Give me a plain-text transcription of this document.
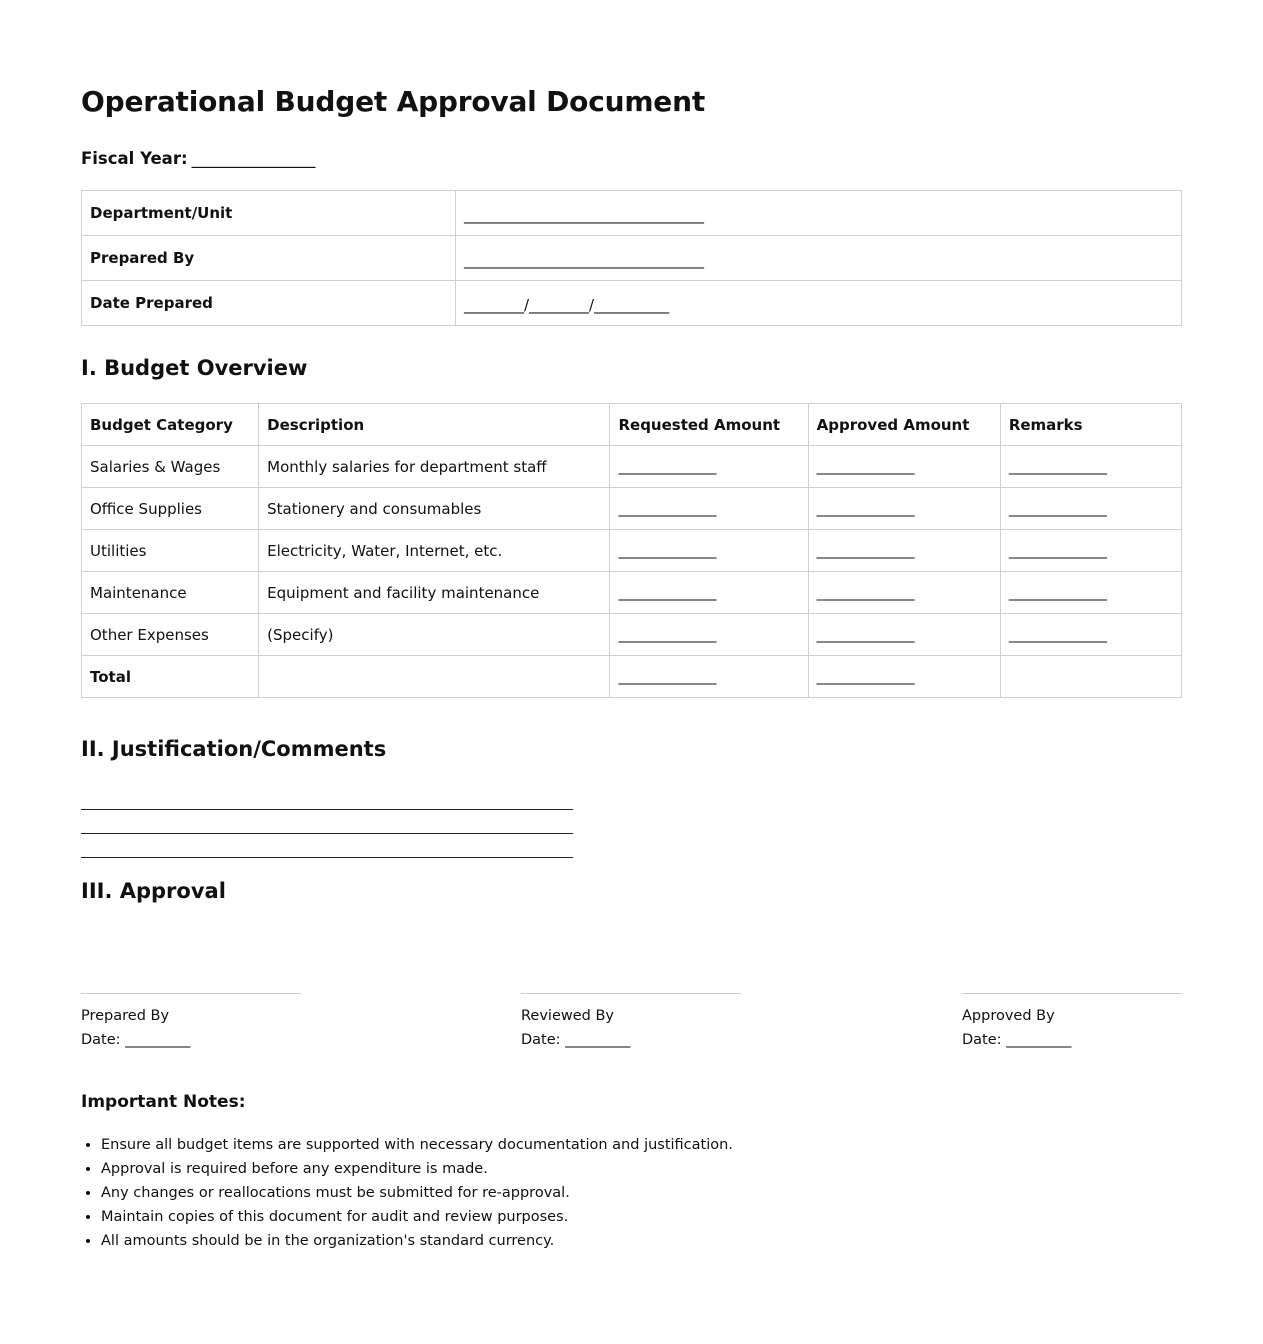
Operational Budget Approval Document
Fiscal Year: _______________
Department/Unit	________________________________
Prepared By	________________________________
Date Prepared	________/________/__________
I. Budget Overview
Budget Category	Description	Requested Amount	Approved Amount	Remarks
Salaries & Wages	Monthly salaries for department staff	_______________	_______________	_______________
Office Supplies	Stationery and consumables	_______________	_______________	_______________
Utilities	Electricity, Water, Internet, etc.	_______________	_______________	_______________
Maintenance	Equipment and facility maintenance	_______________	_______________	_______________
Other Expenses	(Specify)	_______________	_______________	_______________
Total		_______________	_______________	
II. Justification/Comments
III. Approval
Prepared By
Date: _________
Reviewed By
Date: _________
Approved By
Date: _________
Important Notes:
• Ensure all budget items are supported with necessary documentation and justification.
• Approval is required before any expenditure is made.
• Any changes or reallocations must be submitted for re-approval.
• Maintain copies of this document for audit and review purposes.
• All amounts should be in the organization's standard currency.
